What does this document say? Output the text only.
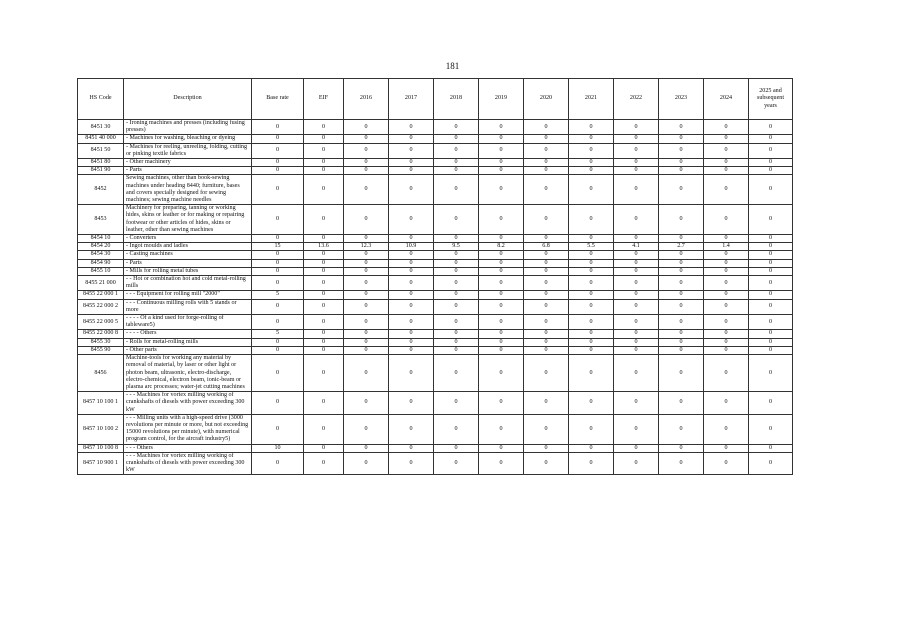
181
HS Code	Description	Base rate	EIF	2016	2017	2018	2019	2020	2021	2022	2023	2024	2025 and subsequent years
8451 30	- Ironing machines and presses (including fusing presses)	0	0	0	0	0	0	0	0	0	0	0	0
8451 40 000	- Machines for washing, bleaching or dyeing	0	0	0	0	0	0	0	0	0	0	0	0
8451 50	- Machines for reeling, unreeling, folding, cutting or pinking textile fabrics	0	0	0	0	0	0	0	0	0	0	0	0
8451 80	- Other machinery	0	0	0	0	0	0	0	0	0	0	0	0
8451 90	- Parts	0	0	0	0	0	0	0	0	0	0	0	0
8452	Sewing machines, other than book-sewing machines under heading 8440; furniture, bases and covers specially designed for sewing machines; sewing machine needles	0	0	0	0	0	0	0	0	0	0	0	0
8453	Machinery for preparing, tanning or working hides, skins or leather or for making or repairing footwear or other articles of hides, skins or leather, other than sewing machines	0	0	0	0	0	0	0	0	0	0	0	0
8454 10	- Converters	0	0	0	0	0	0	0	0	0	0	0	0
8454 20	- Ingot moulds and ladles	15	13.6	12.3	10.9	9.5	8.2	6.8	5.5	4.1	2.7	1.4	0
8454 30	- Casting machines	0	0	0	0	0	0	0	0	0	0	0	0
8454 90	- Parts	0	0	0	0	0	0	0	0	0	0	0	0
8455 10	- Mills for rolling metal tubes	0	0	0	0	0	0	0	0	0	0	0	0
8455 21 000	- - Hot or combination hot and cold metal-rolling mills	0	0	0	0	0	0	0	0	0	0	0	0
8455 22 000 1	- - - Equipment for rolling mill "2000"	5	0	0	0	0	0	0	0	0	0	0	0
8455 22 000 2	- - - Continuous milling rolls with 5 stands or more	0	0	0	0	0	0	0	0	0	0	0	0
8455 22 000 5	- - - - Of a kind used for forge-rolling of tableware5)	0	0	0	0	0	0	0	0	0	0	0	0
8455 22 000 8	- - - - Others	5	0	0	0	0	0	0	0	0	0	0	0
8455 30	- Rolls for metal-rolling mills	0	0	0	0	0	0	0	0	0	0	0	0
8455 90	- Other parts	0	0	0	0	0	0	0	0	0	0	0	0
8456	Machine-tools for working any material by removal of material, by laser or other light or photon beam, ultrasonic, electro-discharge, electro-chemical, electron beam, ionic-beam or plasma arc processes; water-jet cutting machines	0	0	0	0	0	0	0	0	0	0	0	0
8457 10 100 1	- - - Machines for vortex milling working of crankshafts of diesels with power exceeding 300 kW	0	0	0	0	0	0	0	0	0	0	0	0
8457 10 100 2	- - - Milling units with a high-speed drive (3000 revolutions per minute or more, but not exceeding 15000 revolutions per minute), with numerical program control, for the aircraft industry5)	0	0	0	0	0	0	0	0	0	0	0	0
8457 10 100 8	- - - Others	10	0	0	0	0	0	0	0	0	0	0	0
8457 10 900 1	- - - Machines for vortex milling working of crankshafts of diesels with power exceeding 300 kW	0	0	0	0	0	0	0	0	0	0	0	0
